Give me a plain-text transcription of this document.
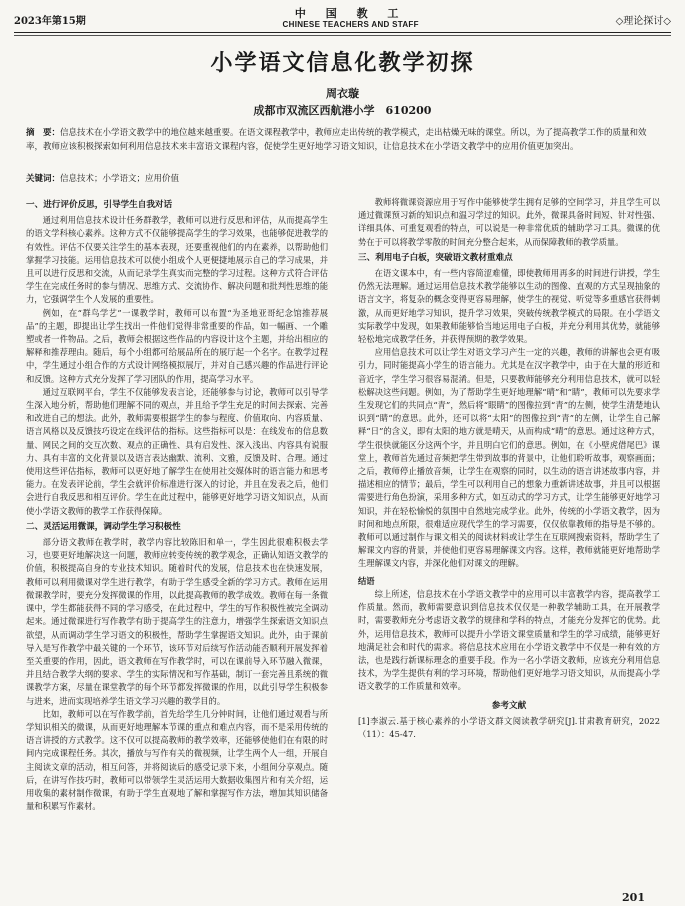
2023年第15期
中 国 教 工
CHINESE TEACHERS AND STAFF	◇理论探讨◇
小学语文信息化教学初探
周衣璇
成都市双流区西航港小学　610200
摘　要：信息技术在小学语文教学中的地位越来越重要。在语文课程教学中，教师应走出传统的教学模式，走出枯燥无味的课堂。所以，为了提高教学工作的质量和效率，教师应该积极探索如何利用信息技术来丰富语文课程内容，促使学生更好地学习语文知识，让信息技术在小学语文教学中的应用价值更加突出。
关键词：信息技术；小学语文；应用价值
一、进行评价反思，引导学生自我对话

通过利用信息技术设计任务群教学，教师可以进行反思和评估，从而提高学生的语文学科核心素养。这种方式不仅能够提高学生的学习效果，也能够促进教学的有效性。评估不仅要关注学生的基本表现，还要重视他们的内在素养，以帮助他们掌握学习技能。运用信息技术可以使小组成个人更便捷地展示自己的学习成果，并且可以进行反思和交流，从而记录学生真实而完整的学习过程。这种方式符合评估学生在完成任务时的参与情况、思维方式、交流协作、解决问题和批判性思维的能力，它强调学生个人发展的重要性。

例如，在“群鸟学艺”一课教学时，教师可以布置“为圣地亚哥纪念馆推荐展品”的主题，即提出让学生找出一件他们觉得非常重要的作品，如一幅画、一个雕塑或者一件物品。之后，教师会根据这些作品的内容设计这个主题，并给出相应的解释和推荐理由。随后，每个小组都可给展品所在的展厅起一个名字。在教学过程中，学生通过小组合作的方式设计网络模拟展厅，并对自己感兴趣的作品进行评论和反馈。这种方式充分发挥了学习团队的作用，提高学习水平。

通过互联网平台，学生不仅能够发表言论，还能够参与讨论，教师可以引导学生深入地分析，帮助他们理解不同的观点，并且给予学生充足的时间去探索、完善和改进自己的想法。此外，教师需要根据学生的参与程度、价值取向、内容质量、语言风格以及反馈技巧设定在线评估的指标。这些指标可以是：在线发布的信息数量、网民之间的交互次数、观点的正确性、具有启发性、深入浅出、内容具有说服力、具有丰富的文化背景以及语言表达幽默、流利、文雅，反馈及时、合理。通过使用这些评估指标，教师可以更好地了解学生在使用社交媒体时的语言能力和思考能力。在发表评论前，学生会就评价标准进行深入的讨论，并且在发表之后，他们会进行自我反思和相互评价。学生在此过程中，能够更好地学习语文知识点，从而使小学语文教师的教学工作获得保障。

二、灵活运用微课，调动学生学习积极性

部分语文教师在教学时，教学内容比较陈旧和单一，学生因此很难积极去学习，也要更好地解决这一问题，教师应转变传统的教学观念，正确认知语文教学的价值，积极提高自身的专业技术知识。随着时代的发展，信息技术也在快速发展，教师可以利用微课对学生进行教学，有助于学生感受全新的学习方式。教师在运用微课教学时，要充分发挥微课的作用，以此提高教师的教学成效。教师在每一条微课中，学生都能获得不同的学习感受，在此过程中，学生的写作积极性被完全调动起来。通过微课进行写作教学有助于提高学生的注意力，增强学生探索语文知识点欲望，从而调动学生学习语文的积极性，帮助学生掌握语文知识。此外，由于课前导入是写作教学中最关键的一个环节，该环节对后续写作活动能否顺利开展发挥着至关重要的作用，因此，语文教师在写作教学时，可以在课前导入环节融入微课，并且结合教学大纲的要求、学生的实际情况和写作基础，制订一套完善且系统的微课教学方案，尽量在课堂教学的每个环节都发挥微课的作用，以此引导学生积极参与进来，进而实现培养学生语文学习兴趣的教学目的。

比如，教师可以在写作教学前，首先给学生几分钟时间，让他们通过观看与所学知识相关的微课，从而更好地理解本节课的重点和难点内容，而不是采用传统的语言讲授的方式教学。这不仅可以提高教师的教学效率，还能够使他们在有限的时间内完成课程任务。其次，播放与写作有关的微视频，让学生两个人一组，开展自主阅读文章的活动，相互问答，并将阅读后的感受记录下来，小组间分享观点。随后，在讲写作技巧时，教师可以带领学生灵活运用大数据收集图片和有关介绍，运用收集的素材制作微课，有助于学生直观地了解和掌握写作方法，增加其知识储备量和积累写作素材。

教师将微课资源应用于写作中能够使学生拥有足够的空间学习，并且学生可以通过微课预习新的知识点和温习学过的知识。此外，微课具备时间短、针对性强、详细具体、可重复观看的特点，可以说是一种非常优质的辅助学习工具。微课的优势在于可以将教学零散的时间充分整合起来，从而保障教师的教学质量。

三、利用电子白板，突破语文教材重难点

在语文课本中，有一些内容简涩难懂，即使教师用再多的时间进行讲授，学生仍然无法理解。通过运用信息技术教学能够以生动的图像、直观的方式呈现抽象的语言文字，将复杂的概念变得更容易理解，使学生的视觉、听觉等多重感官获得刺激，从而更好地学习知识，提升学习效果，突破传统教学模式的局限。在小学语文实际教学中发现，如果教师能够恰当地运用电子白板，并充分利用其优势，就能够轻松地完成教学任务，并获得预期的教学效果。

应用信息技术可以让学生对语文学习产生一定的兴趣，教师的讲解也会更有吸引力，同时能提高小学生的语言能力。尤其是在汉字教学中，由于在大量的形近和音近字，学生学习很容易混淆。但是，只要教师能够充分利用信息技术，就可以轻松解决这些问题。例如，为了帮助学生更好地理解“晴”和“睛”，教师可以先要求学生发现它们的共同点“青”，然后将“眼睛”的图像拉到“青”的左侧，使学生清楚地认识到“睛”的意思。此外，还可以将“太阳”的图像拉到“青”的左侧，让学生自己解释“日”的含义，即有太阳的地方就是晴天，从而构成“晴”的意思。通过这种方式，学生很快就能区分这两个字，并且明白它们的意思。例如，在《小壁虎借尾巴》课堂上，教师首先通过音频把学生带到故事的背景中，让他们聆听故事，观察画面；之后，教师停止播放音频，让学生在观察的同时，以生动的语言讲述故事内容，并描述相应的情节；最后，学生可以利用自己的想象力重新讲述故事，并且可以根据需要进行角色扮演，采用多种方式，如互动式的学习方式，让学生能够更好地学习知识，并在轻松愉悦的氛围中自然地完成学业。此外，传统的小学语文教学，因为时间和地点所限，很难适应现代学生的学习需要，仅仅依靠教师的指导是不够的。教师可以通过制作与课文相关的阅读材料或让学生在互联网搜索资料，帮助学生了解课文内容的背景，并使他们更容易理解课文内容。这样，教师就能更好地帮助学生理解课文内容，并深化他们对课文的理解。

结语

综上所述，信息技术在小学语文教学中的应用可以丰富教学内容，提高教学工作质量。然而，教师需要意识到信息技术仅仅是一种教学辅助工具，在开展教学时，需要教师充分考虑语文教学的规律和学科的特点，才能充分发挥它的优势。此外，运用信息技术，教师可以提升小学语文课堂质量和学生的学习成绩，能够更好地满足社会和时代的需求。将信息技术应用在小学语文教学中不仅是一种有效的方法，也是践行新课标理念的重要手段。作为一名小学语文教师，应该充分利用信息技术，为学生提供有利的学习环境，帮助他们更好地学习语文知识，从而提高小学语文教学的工作质量和效率。

参考文献

[1]李淑云.基于核心素养的小学语文群文阅读教学研究[J].甘肃教育研究，2022（11）：45-47.

201
